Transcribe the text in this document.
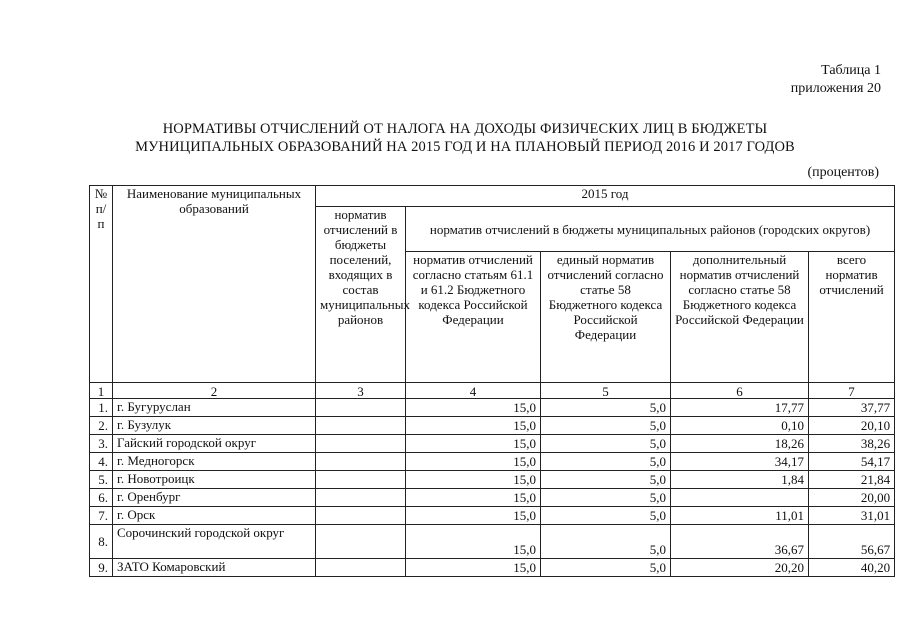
Таблица 1
приложения 20
НОРМАТИВЫ ОТЧИСЛЕНИЙ ОТ НАЛОГА НА ДОХОДЫ ФИЗИЧЕСКИХ ЛИЦ В БЮДЖЕТЫ
МУНИЦИПАЛЬНЫХ ОБРАЗОВАНИЙ НА 2015 ГОД И НА ПЛАНОВЫЙ ПЕРИОД 2016 И 2017 ГОДОВ
(процентов)
№ п/п	Наименование муниципальных образований	2015 год				
		норматив отчислений в бюджеты поселений, входящих в состав муниципальных районов	норматив отчислений в бюджеты муниципальных районов (городских округов)			
			норматив отчислений согласно статьям 61.1 и 61.2 Бюджетного кодекса Российской Федерации	единый норматив отчислений согласно статье 58 Бюджетного кодекса Российской Федерации	дополнительный норматив отчислений согласно статье 58 Бюджетного кодекса Российской Федерации	всего норматив отчислений
1	2	3	4	5	6	7
1.	г. Бугуруслан		15,0	5,0	17,77	37,77
2.	г. Бузулук		15,0	5,0	0,10	20,10
3.	Гайский городской округ		15,0	5,0	18,26	38,26
4.	г. Медногорск		15,0	5,0	34,17	54,17
5.	г. Новотроицк		15,0	5,0	1,84	21,84
6.	г. Оренбург		15,0	5,0		20,00
7.	г. Орск		15,0	5,0	11,01	31,01
8.	Сорочинский городской округ		15,0	5,0	36,67	56,67
9.	ЗАТО Комаровский		15,0	5,0	20,20	40,20
